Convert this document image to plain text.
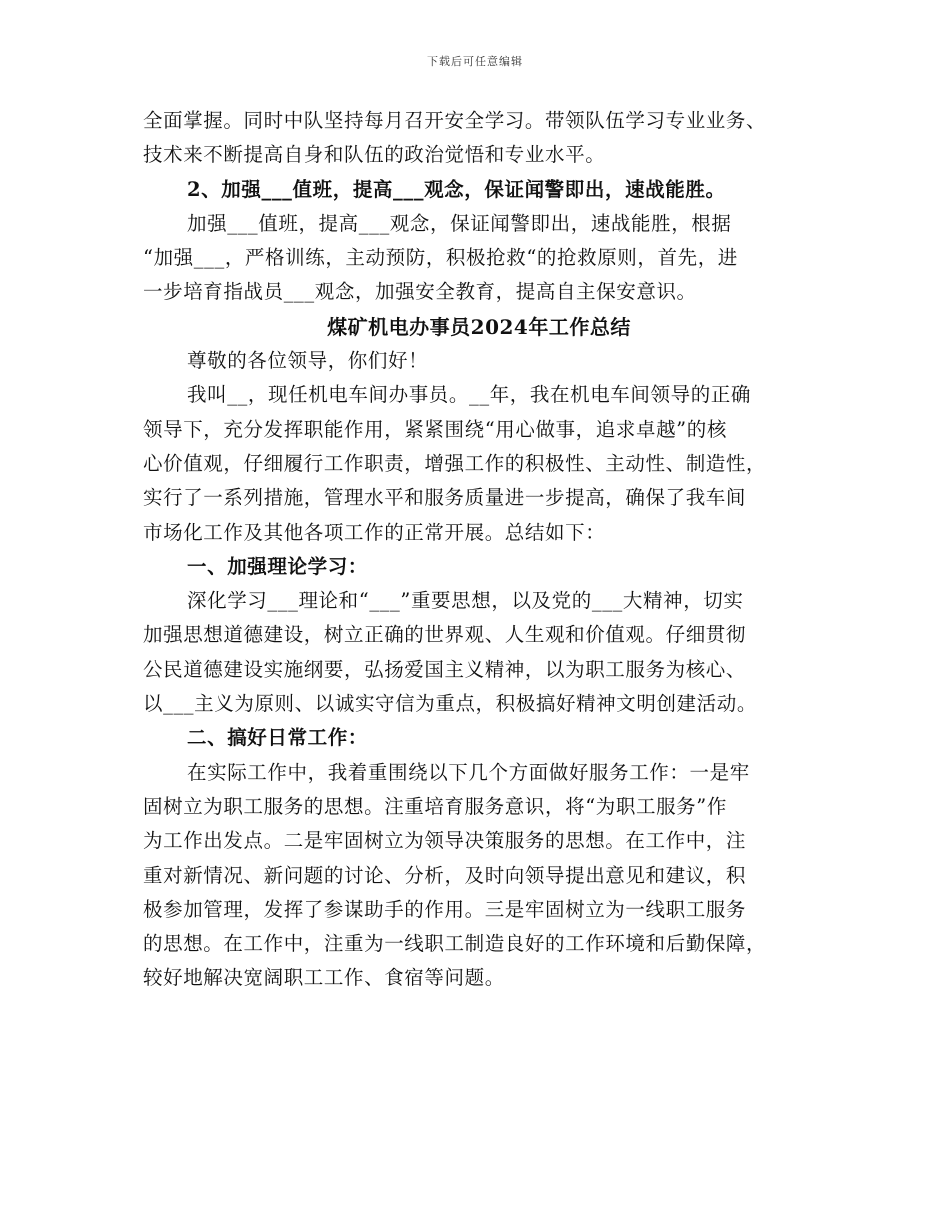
下载后可任意编辑
全面掌握。同时中队坚持每月召开安全学习。带领队伍学习专业业务、
技术来不断提高自身和队伍的政治觉悟和专业水平。
2、加强___值班，提高___观念，保证闻警即出，速战能胜。
加强___值班，提高___观念，保证闻警即出，速战能胜，根据
“加强___，严格训练，主动预防，积极抢救“的抢救原则，首先，进
一步培育指战员___观念，加强安全教育，提高自主保安意识。
煤矿机电办事员2024年工作总结
尊敬的各位领导，你们好！
我叫__，现任机电车间办事员。__年，我在机电车间领导的正确
领导下，充分发挥职能作用，紧紧围绕“用心做事，追求卓越”的核
心价值观，仔细履行工作职责，增强工作的积极性、主动性、制造性，
实行了一系列措施，管理水平和服务质量进一步提高，确保了我车间
市场化工作及其他各项工作的正常开展。总结如下：
一、加强理论学习：
深化学习___理论和“___”重要思想，以及党的___大精神，切实
加强思想道德建设，树立正确的世界观、人生观和价值观。仔细贯彻
公民道德建设实施纲要，弘扬爱国主义精神，以为职工服务为核心、
以___主义为原则、以诚实守信为重点，积极搞好精神文明创建活动。
二、搞好日常工作：
在实际工作中，我着重围绕以下几个方面做好服务工作：一是牢
固树立为职工服务的思想。注重培育服务意识，将“为职工服务”作
为工作出发点。二是牢固树立为领导决策服务的思想。在工作中，注
重对新情况、新问题的讨论、分析，及时向领导提出意见和建议，积
极参加管理，发挥了参谋助手的作用。三是牢固树立为一线职工服务
的思想。在工作中，注重为一线职工制造良好的工作环境和后勤保障，
较好地解决宽阔职工工作、食宿等问题。
